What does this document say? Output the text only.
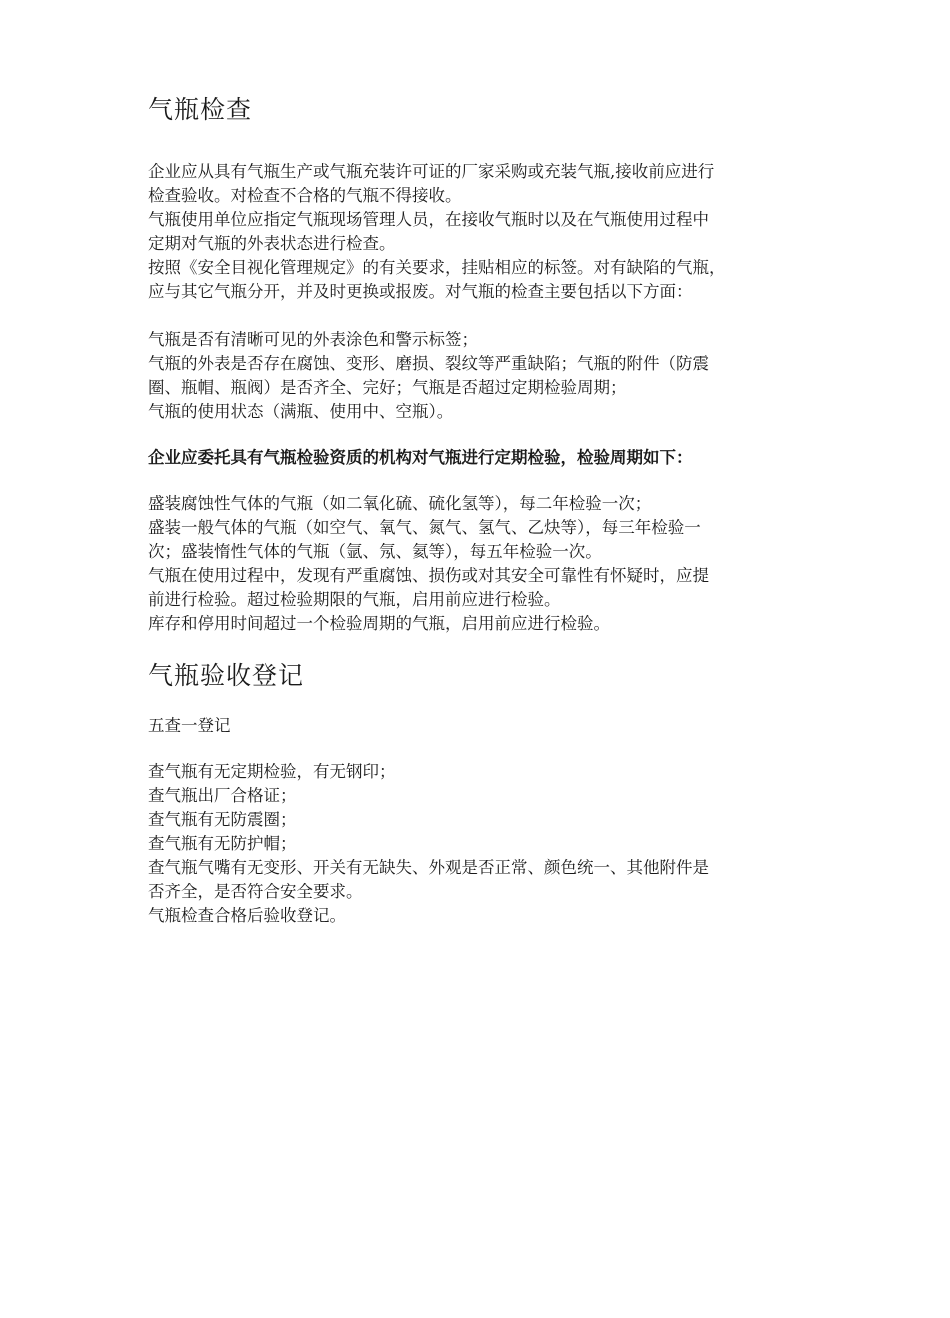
气瓶检查

企业应从具有气瓶生产或气瓶充装许可证的厂家采购或充装气瓶,接收前应进行

检查验收。对检查不合格的气瓶不得接收。

气瓶使用单位应指定气瓶现场管理人员，在接收气瓶时以及在气瓶使用过程中

定期对气瓶的外表状态进行检查。

按照《安全目视化管理规定》的有关要求，挂贴相应的标签。对有缺陷的气瓶，

应与其它气瓶分开，并及时更换或报废。对气瓶的检查主要包括以下方面：

气瓶是否有清晰可见的外表涂色和警示标签；

气瓶的外表是否存在腐蚀、变形、磨损、裂纹等严重缺陷；气瓶的附件（防震

圈、瓶帽、瓶阀）是否齐全、完好；气瓶是否超过定期检验周期；

气瓶的使用状态（满瓶、使用中、空瓶）。

企业应委托具有气瓶检验资质的机构对气瓶进行定期检验，检验周期如下：

盛装腐蚀性气体的气瓶（如二氧化硫、硫化氢等），每二年检验一次；

盛装一般气体的气瓶（如空气、氧气、氮气、氢气、乙炔等），每三年检验一

次；盛装惰性气体的气瓶（氩、氖、氦等），每五年检验一次。

气瓶在使用过程中，发现有严重腐蚀、损伤或对其安全可靠性有怀疑时，应提

前进行检验。超过检验期限的气瓶，启用前应进行检验。

库存和停用时间超过一个检验周期的气瓶，启用前应进行检验。

气瓶验收登记

五查一登记

查气瓶有无定期检验，有无钢印；

查气瓶出厂合格证；

查气瓶有无防震圈；

查气瓶有无防护帽；

查气瓶气嘴有无变形、开关有无缺失、外观是否正常、颜色统一、其他附件是

否齐全，是否符合安全要求。

气瓶检查合格后验收登记。
